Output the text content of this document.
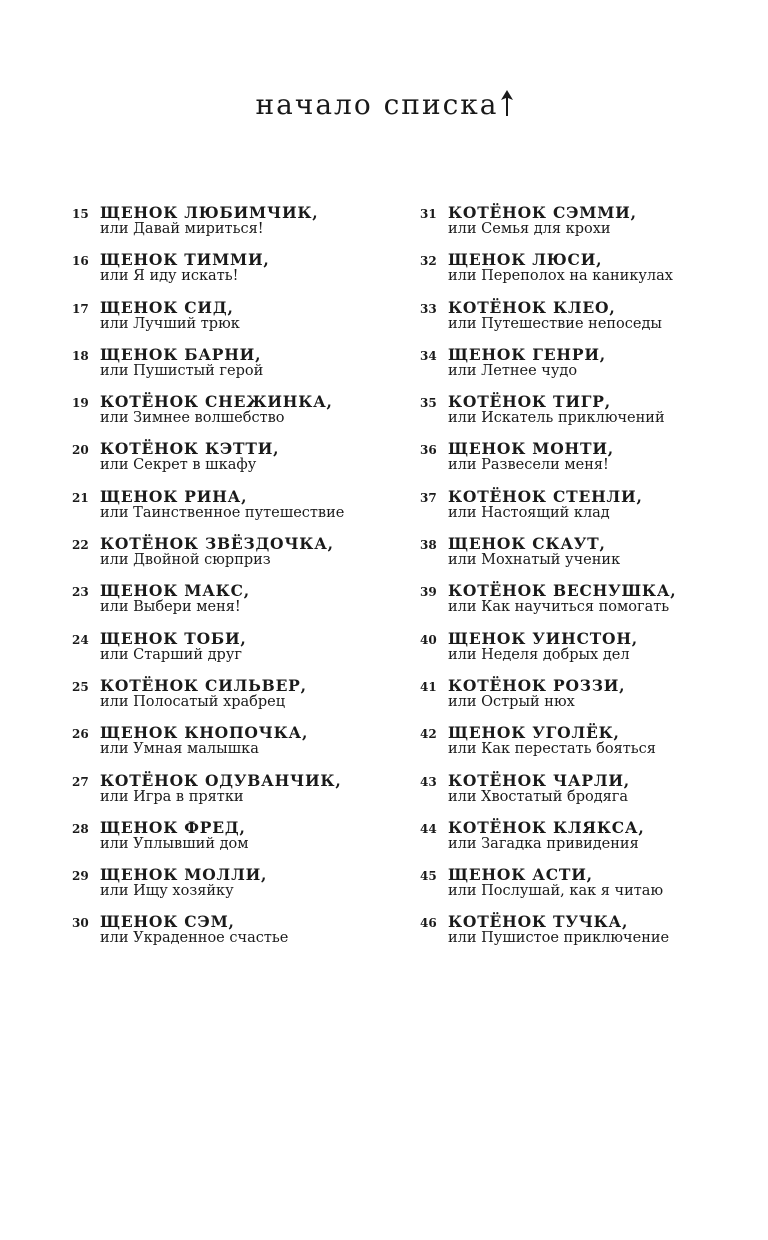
начало списка
15 ЩЕНОК ЛЮБИМЧИК,
или Давай мириться!
16 ЩЕНОК ТИММИ,
или Я иду искать!
17 ЩЕНОК СИД,
или Лучший трюк
18 ЩЕНОК БАРНИ,
или Пушистый герой
19 КОТЁНОК СНЕЖИНКА,
или Зимнее волшебство
20 КОТЁНОК КЭТТИ,
или Секрет в шкафу
21 ЩЕНОК РИНА,
или Таинственное путешествие
22 КОТЁНОК ЗВЁЗДОЧКА,
или Двойной сюрприз
23 ЩЕНОК МАКС,
или Выбери меня!
24 ЩЕНОК ТОБИ,
или Старший друг
25 КОТЁНОК СИЛЬВЕР,
или Полосатый храбрец
26 ЩЕНОК КНОПОЧКА,
или Умная малышка
27 КОТЁНОК ОДУВАНЧИК,
или Игра в прятки
28 ЩЕНОК ФРЕД,
или Уплывший дом
29 ЩЕНОК МОЛЛИ,
или Ищу хозяйку
30 ЩЕНОК СЭМ,
или Украденное счастье
31 КОТЁНОК СЭММИ,
или Семья для крохи
32 ЩЕНОК ЛЮСИ,
или Переполох на каникулах
33 КОТЁНОК КЛЕО,
или Путешествие непоседы
34 ЩЕНОК ГЕНРИ,
или Летнее чудо
35 КОТЁНОК ТИГР,
или Искатель приключений
36 ЩЕНОК МОНТИ,
или Развесели меня!
37 КОТЁНОК СТЕНЛИ,
или Настоящий клад
38 ЩЕНОК СКАУТ,
или Мохнатый ученик
39 КОТЁНОК ВЕСНУШКА,
или Как научиться помогать
40 ЩЕНОК УИНСТОН,
или Неделя добрых дел
41 КОТЁНОК РОЗЗИ,
или Острый нюх
42 ЩЕНОК УГОЛЁК,
или Как перестать бояться
43 КОТЁНОК ЧАРЛИ,
или Хвостатый бродяга
44 КОТЁНОК КЛЯКСА,
или Загадка привидения
45 ЩЕНОК АСТИ,
или Послушай, как я читаю
46 КОТЁНОК ТУЧКА,
или Пушистое приключение
